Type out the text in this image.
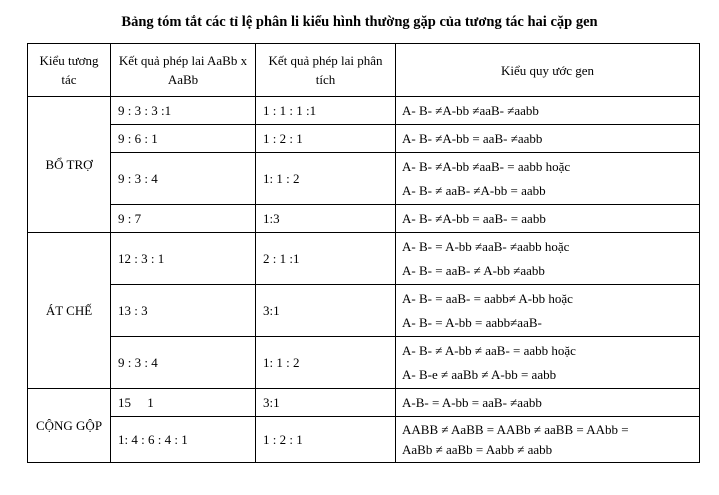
Bảng tóm tắt các tỉ lệ phân li kiểu hình thường gặp của tương tác hai cặp gen
Kiểu tương tác	Kết quả phép lai AaBb x AaBb	Kết quả phép lai phân tích	Kiểu quy ước gen
BỔ TRỢ	9 : 3 : 3 :1	1 : 1 : 1 :1	A- B- ≠A-bb ≠aaB- ≠aabb

	9 : 6 : 1	1 : 2 : 1	A- B- ≠A-bb = aaB- ≠aabb

	9 : 3 : 4	1: 1 : 2	A- B- ≠A-bb ≠aaB- = aabb hoặc
A- B- ≠ aaB- ≠A-bb = aabb

	9 : 7	1:3	A- B- ≠A-bb = aaB- = aabb

ÁT CHẾ	12 : 3 : 1	2 : 1 :1	A- B- = A-bb ≠aaB- ≠aabb hoặc
A- B- = aaB- ≠ A-bb ≠aabb

	13 : 3	3:1	A- B- = aaB- = aabb≠ A-bb hoặc
A- B- = A-bb = aabb≠aaB-

	9 : 3 : 4	1: 1 : 2	A- B- ≠ A-bb ≠ aaB- = aabb hoặc
A- B-e ≠ aaBb ≠ A-bb = aabb

CỘNG GỘP	15     1	3:1	A-B- = A-bb = aaB- ≠aabb

	1: 4 : 6 : 4 : 1	1 : 2 : 1	AABB ≠ AaBB = AABb ≠ aaBB = AAbb =
AaBb ≠ aaBb = Aabb ≠ aabb
